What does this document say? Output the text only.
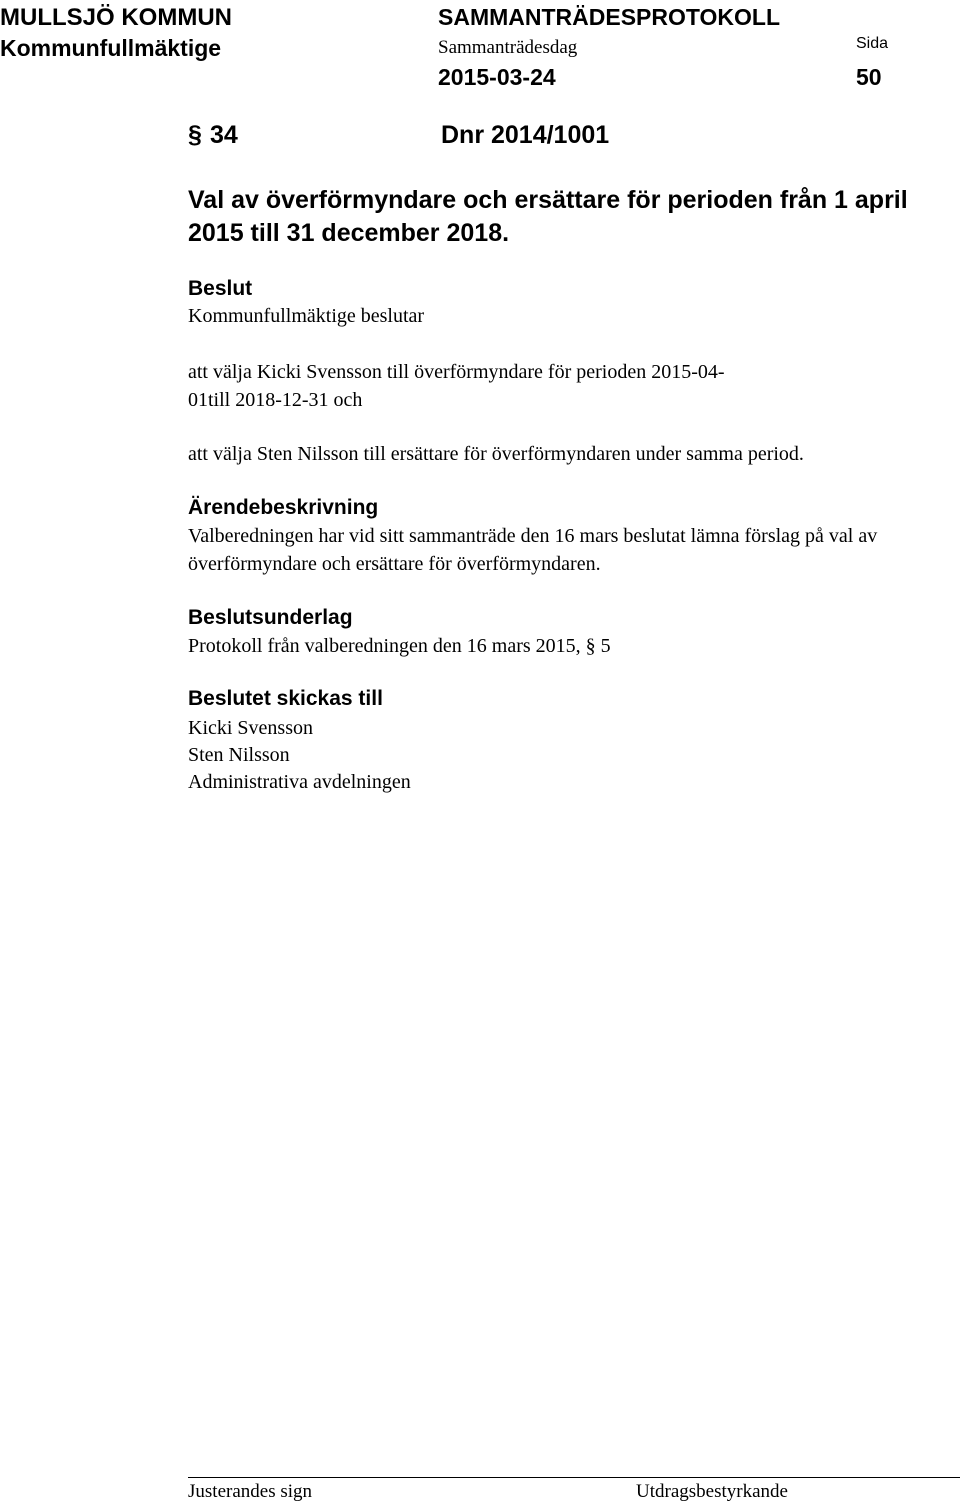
MULLSJÖ KOMMUN
Kommunfullmäktige
SAMMANTRÄDESPROTOKOLL
Sammanträdesdag
2015-03-24
Sida
50
§ 34	Dnr 2014/1001
Val av överförmyndare och ersättare för perioden från 1 april 2015 till 31 december 2018.
Beslut
Kommunfullmäktige beslutar
att välja Kicki Svensson till överförmyndare för perioden 2015-04-01till 2018-12-31 och
att välja Sten Nilsson till ersättare för överförmyndaren under samma period.
Ärendebeskrivning
Valberedningen har vid sitt sammanträde den 16 mars beslutat lämna förslag på val av överförmyndare och ersättare för överförmyndaren.
Beslutsunderlag
Protokoll från valberedningen den 16 mars 2015, § 5
Beslutet skickas till
Kicki Svensson
Sten Nilsson
Administrativa avdelningen
Justerandes sign	Utdragsbestyrkande
